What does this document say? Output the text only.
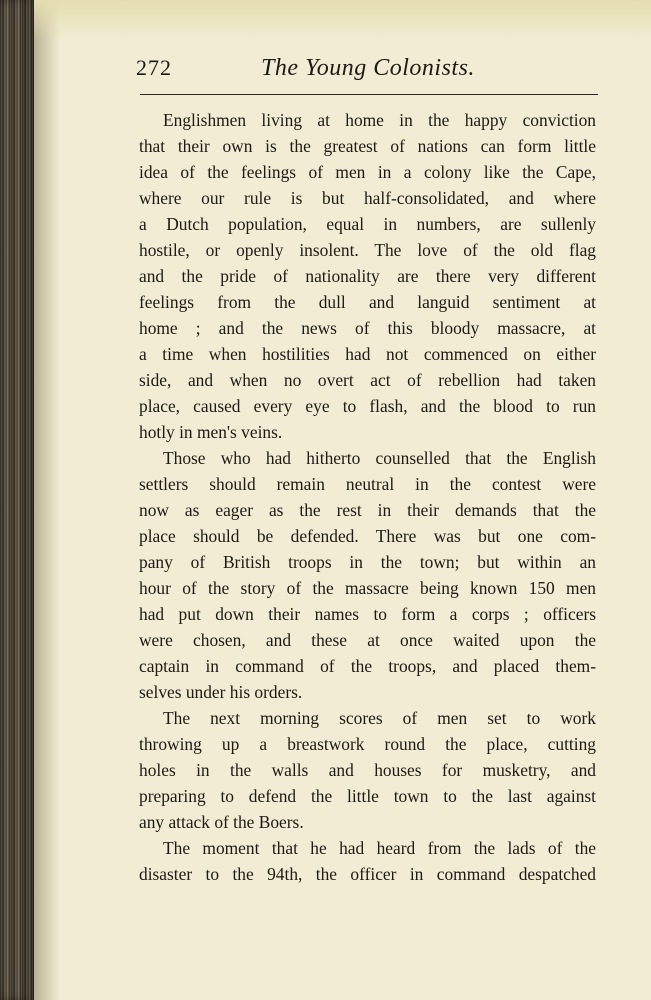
272	The Young Colonists.
Englishmen living at home in the happy conviction
that their own is the greatest of nations can form little
idea of the feelings of men in a colony like the Cape,
where our rule is but half-consolidated, and where
a Dutch population, equal in numbers, are sullenly
hostile, or openly insolent. The love of the old flag
and the pride of nationality are there very different
feelings from the dull and languid sentiment at
home ; and the news of this bloody massacre, at
a time when hostilities had not commenced on either
side, and when no overt act of rebellion had taken
place, caused every eye to flash, and the blood to run
hotly in men's veins.
Those who had hitherto counselled that the English
settlers should remain neutral in the contest were
now as eager as the rest in their demands that the
place should be defended. There was but one com-
pany of British troops in the town; but within an
hour of the story of the massacre being known 150 men
had put down their names to form a corps ; officers
were chosen, and these at once waited upon the
captain in command of the troops, and placed them-
selves under his orders.
The next morning scores of men set to work
throwing up a breastwork round the place, cutting
holes in the walls and houses for musketry, and
preparing to defend the little town to the last against
any attack of the Boers.
The moment that he had heard from the lads of the
disaster to the 94th, the officer in command despatched
